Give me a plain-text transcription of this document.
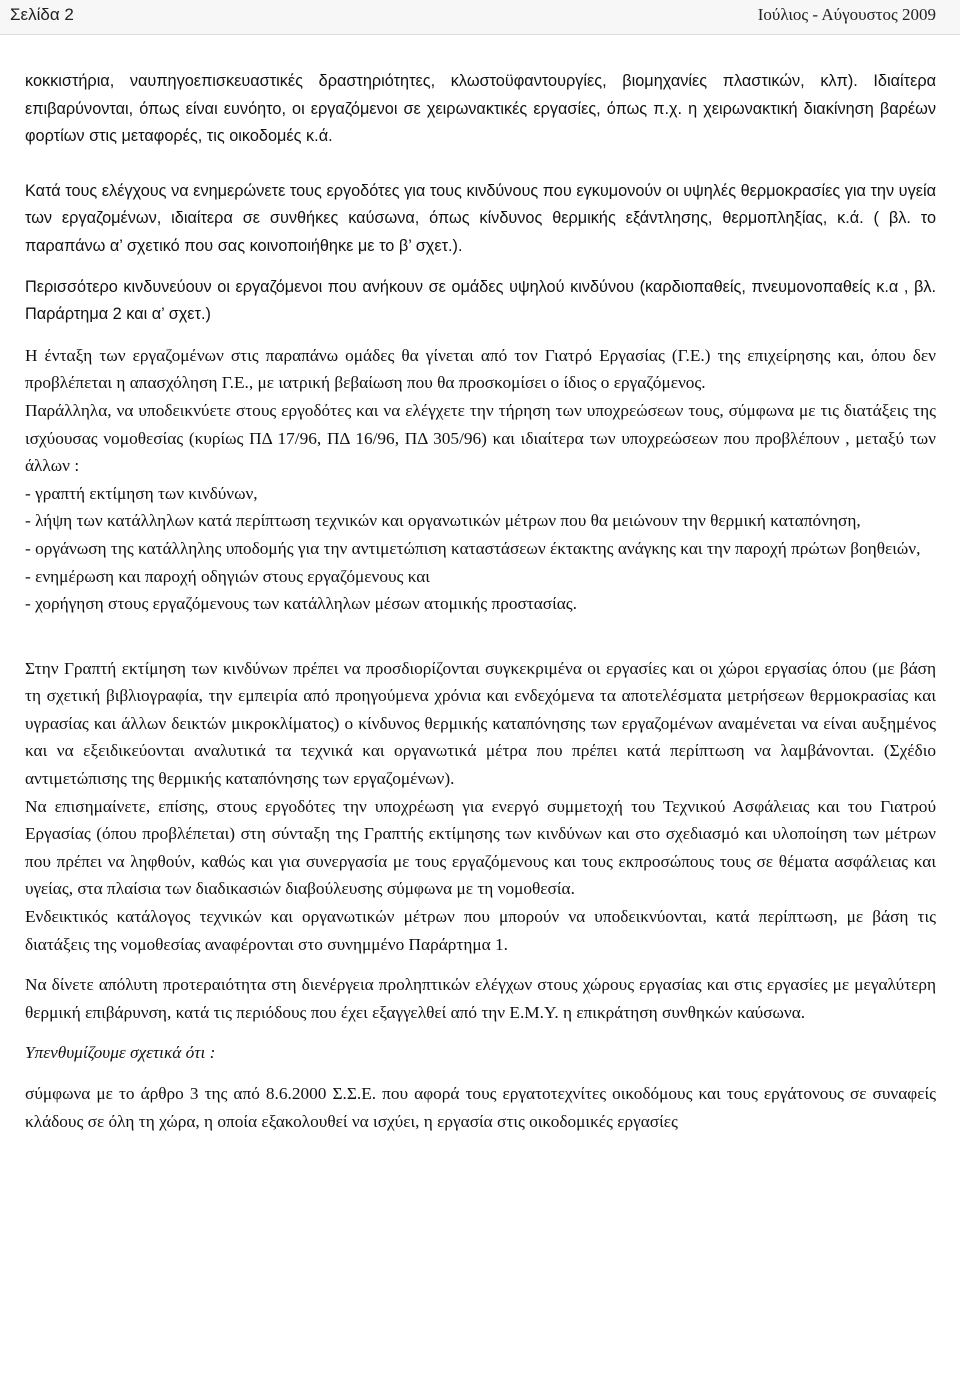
Σελίδα 2	Ιούλιος - Αύγουστος 2009

κοκκιστήρια, ναυπηγοεπισκευαστικές δραστηριότητες, κλωστοϋφαντουργίες, βιομηχανίες πλαστικών, κλπ). Ιδιαίτερα επιβαρύνονται, όπως είναι ευνόητο, οι εργαζόμενοι σε χειρωνακτικές εργασίες, όπως π.χ. η χειρωνακτική διακίνηση βαρέων φορτίων στις μεταφορές, τις οικοδομές κ.ά.

Κατά τους ελέγχους να ενημερώνετε τους εργοδότες για τους κινδύνους που εγκυμονούν οι υψηλές θερμοκρασίες για την υγεία των εργαζομένων, ιδιαίτερα σε συνθήκες καύσωνα, όπως κίνδυνος θερμικής εξάντλησης, θερμοπληξίας, κ.ά. ( βλ. το παραπάνω α’ σχετικό που σας κοινοποιήθηκε με το β’ σχετ.).

Περισσότερο κινδυνεύουν οι εργαζόμενοι που ανήκουν σε ομάδες υψηλού κινδύνου (καρδιοπαθείς, πνευμονοπαθείς κ.α , βλ. Παράρτημα 2 και α’ σχετ.)

Η ένταξη των εργαζομένων στις παραπάνω ομάδες θα γίνεται από τον Γιατρό Εργασίας (Γ.Ε.) της επιχείρησης και, όπου δεν προβλέπεται η απασχόληση Γ.Ε., με ιατρική βεβαίωση που θα προσκομίσει ο ίδιος ο εργαζόμενος.

Παράλληλα, να υποδεικνύετε στους εργοδότες και να ελέγχετε την τήρηση των υποχρεώσεων τους, σύμφωνα με τις διατάξεις της ισχύουσας νομοθεσίας (κυρίως ΠΔ 17/96, ΠΔ 16/96, ΠΔ 305/96) και ιδιαίτερα των υποχρεώσεων που προβλέπουν , μεταξύ των άλλων :

- γραπτή εκτίμηση των κινδύνων,
- λήψη των κατάλληλων κατά περίπτωση τεχνικών και οργανωτικών μέτρων που θα μειώνουν την θερμική καταπόνηση,
- οργάνωση της κατάλληλης υποδομής για την αντιμετώπιση καταστάσεων έκτακτης ανάγκης και την παροχή πρώτων βοηθειών,
- ενημέρωση και παροχή οδηγιών στους εργαζόμενους και
- χορήγηση στους εργαζόμενους των κατάλληλων μέσων ατομικής προστασίας.

Στην Γραπτή εκτίμηση των κινδύνων πρέπει να προσδιορίζονται συγκεκριμένα οι εργασίες και οι χώροι εργασίας όπου (με βάση τη σχετική βιβλιογραφία, την εμπειρία από προηγούμενα χρόνια και ενδεχόμενα τα αποτελέσματα μετρήσεων θερμοκρασίας και υγρασίας και άλλων δεικτών μικροκλίματος) ο κίνδυνος θερμικής καταπόνησης των εργαζομένων αναμένεται να είναι αυξημένος και να εξειδικεύονται αναλυτικά τα τεχνικά και οργανωτικά μέτρα που πρέπει κατά περίπτωση να λαμβάνονται. (Σχέδιο αντιμετώπισης της θερμικής καταπόνησης των εργαζομένων).

Να επισημαίνετε, επίσης, στους εργοδότες την υποχρέωση για ενεργό συμμετοχή του Τεχνικού Ασφάλειας και του Γιατρού Εργασίας (όπου προβλέπεται) στη σύνταξη της Γραπτής εκτίμησης των κινδύνων και στο σχεδιασμό και υλοποίηση των μέτρων που πρέπει να ληφθούν, καθώς και για συνεργασία με τους εργαζόμενους και τους εκπροσώπους τους σε θέματα ασφάλειας και υγείας, στα πλαίσια των διαδικασιών διαβούλευσης σύμφωνα με τη νομοθεσία.

Ενδεικτικός κατάλογος τεχνικών και οργανωτικών μέτρων που μπορούν να υποδεικνύονται, κατά περίπτωση, με βάση τις διατάξεις της νομοθεσίας αναφέρονται στο συνημμένο Παράρτημα 1.

Να δίνετε απόλυτη προτεραιότητα στη διενέργεια προληπτικών ελέγχων στους χώρους εργασίας και στις εργασίες με μεγαλύτερη θερμική επιβάρυνση, κατά τις περιόδους που έχει εξαγγελθεί από την Ε.Μ.Υ. η επικράτηση συνθηκών καύσωνα.

Υπενθυμίζουμε σχετικά ότι :

σύμφωνα με το άρθρο 3 της από 8.6.2000 Σ.Σ.Ε. που αφορά τους εργατοτεχνίτες οικοδόμους και τους εργάτονους σε συναφείς κλάδους σε όλη τη χώρα, η οποία εξακολουθεί να ισχύει, η εργασία στις οικοδομικές εργασίες
